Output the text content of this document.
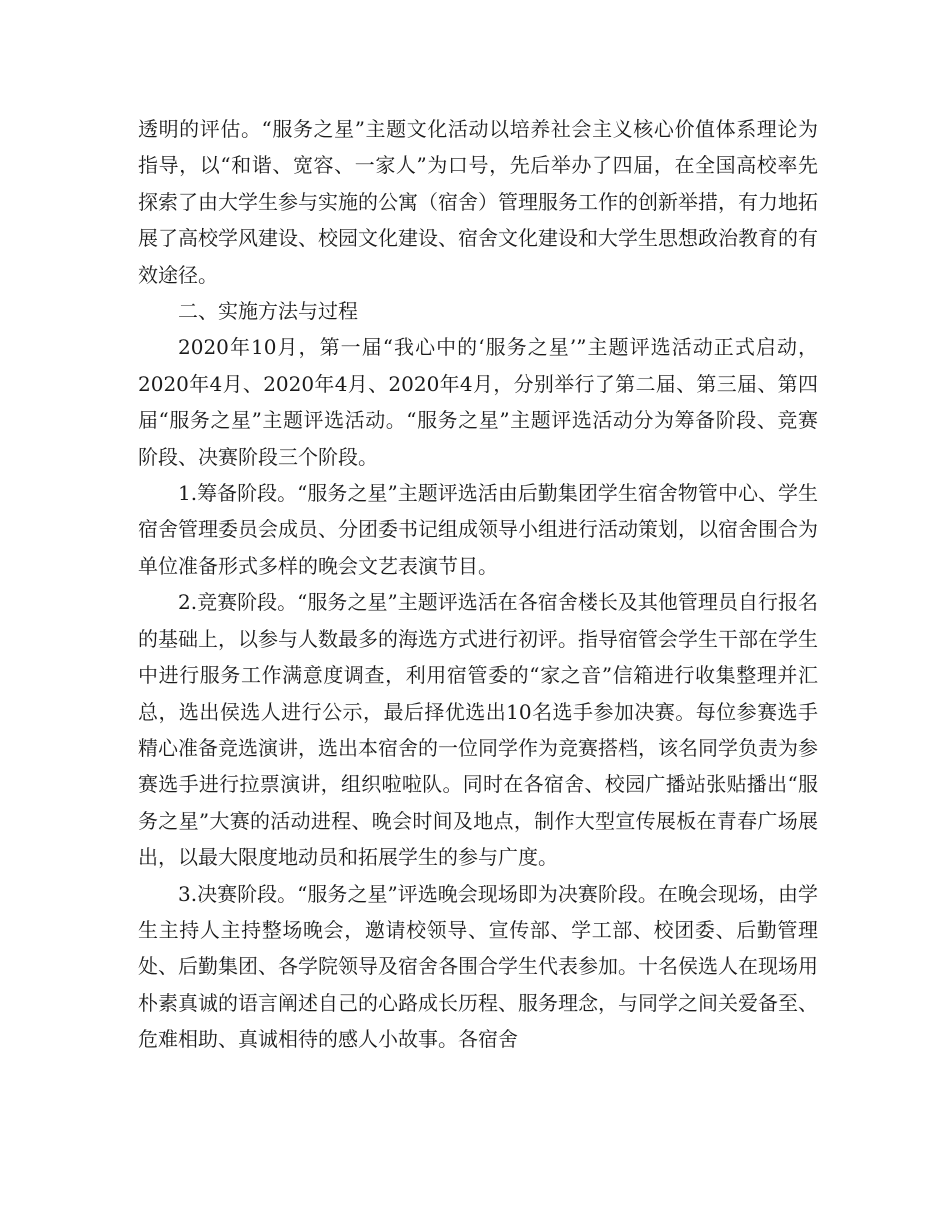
透明的评估。“服务之星”主题文化活动以培养社会主义核心价值体系理论为指导，以“和谐、宽容、一家人”为口号，先后举办了四届，在全国高校率先探索了由大学生参与实施的公寓（宿舍）管理服务工作的创新举措，有力地拓展了高校学风建设、校园文化建设、宿舍文化建设和大学生思想政治教育的有效途径。

二、实施方法与过程

2020年10月，第一届“我心中的‘服务之星’”主题评选活动正式启动，2020年4月、2020年4月、2020年4月，分别举行了第二届、第三届、第四届“服务之星”主题评选活动。“服务之星”主题评选活动分为筹备阶段、竞赛阶段、决赛阶段三个阶段。

1.筹备阶段。“服务之星”主题评选活由后勤集团学生宿舍物管中心、学生宿舍管理委员会成员、分团委书记组成领导小组进行活动策划，以宿舍围合为单位准备形式多样的晚会文艺表演节目。

2.竞赛阶段。“服务之星”主题评选活在各宿舍楼长及其他管理员自行报名的基础上，以参与人数最多的海选方式进行初评。指导宿管会学生干部在学生中进行服务工作满意度调查，利用宿管委的“家之音”信箱进行收集整理并汇总，选出侯选人进行公示，最后择优选出10名选手参加决赛。每位参赛选手精心准备竞选演讲，选出本宿舍的一位同学作为竞赛搭档，该名同学负责为参赛选手进行拉票演讲，组织啦啦队。同时在各宿舍、校园广播站张贴播出“服务之星”大赛的活动进程、晚会时间及地点，制作大型宣传展板在青春广场展出，以最大限度地动员和拓展学生的参与广度。

3.决赛阶段。“服务之星”评选晚会现场即为决赛阶段。在晚会现场，由学生主持人主持整场晚会，邀请校领导、宣传部、学工部、校团委、后勤管理处、后勤集团、各学院领导及宿舍各围合学生代表参加。十名侯选人在现场用朴素真诚的语言阐述自己的心路成长历程、服务理念，与同学之间关爱备至、危难相助、真诚相待的感人小故事。各宿舍
